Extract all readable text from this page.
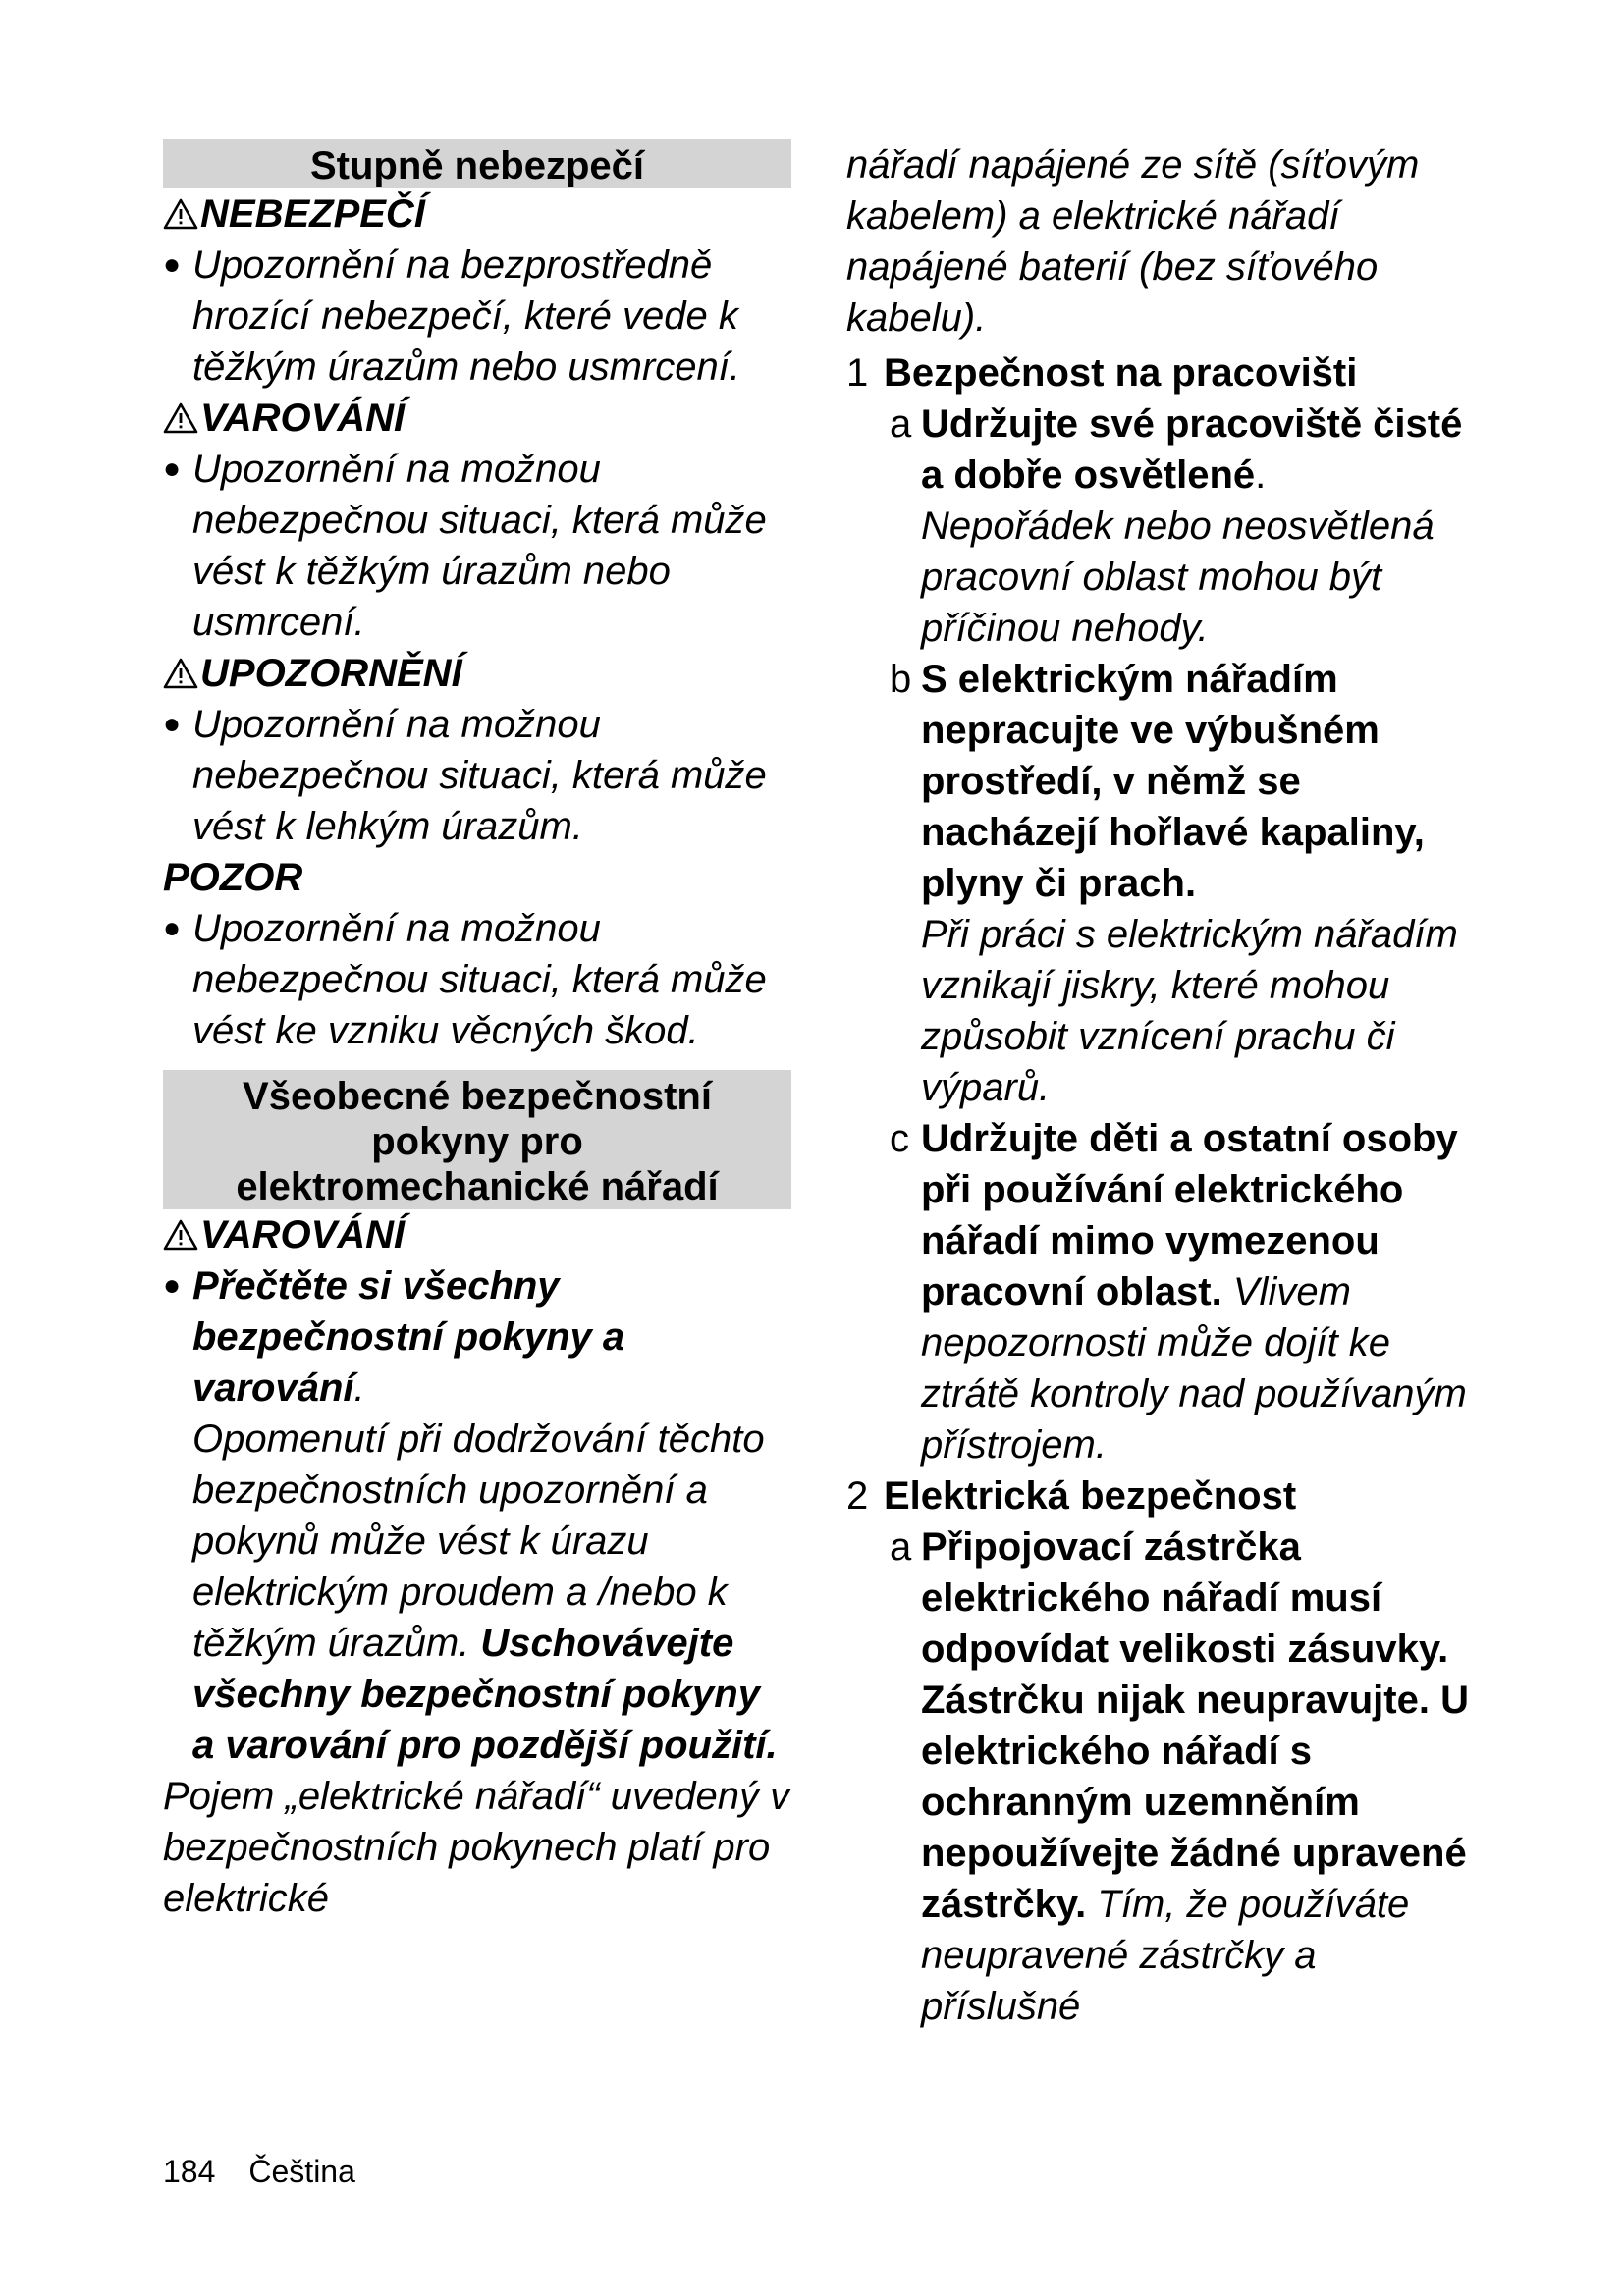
Stupně nebezpečí
NEBEZPEČÍ
● Upozornění na bezprostředně hrozící nebezpečí, které vede k těžkým úrazům nebo usmrcení.
VAROVÁNÍ
● Upozornění na možnou nebezpečnou situaci, která může vést k těžkým úrazům nebo usmrcení.
UPOZORNĚNÍ
● Upozornění na možnou nebezpečnou situaci, která může vést k lehkým úrazům.
POZOR
● Upozornění na možnou nebezpečnou situaci, která může vést ke vzniku věcných škod.
Všeobecné bezpečnostní
pokyny pro
elektromechanické nářadí
VAROVÁNÍ
● Přečtěte si všechny bezpečnostní pokyny a varování.
Opomenutí při dodržování těchto bezpečnostních upozornění a pokynů může vést k úrazu elektrickým proudem a /nebo k těžkým úrazům. Uschovávejte všechny bezpečnostní pokyny a varování pro pozdější použití.
Pojem „elektrické nářadí“ uvedený v bezpečnostních pokynech platí pro elektrické
nářadí napájené ze sítě (síťovým kabelem) a elektrické nářadí napájené baterií (bez síťového kabelu).
1 Bezpečnost na pracovišti
a Udržujte své pracoviště čisté a dobře osvětlené.
Nepořádek nebo neosvětlená pracovní oblast mohou být příčinou nehody.
b S elektrickým nářadím nepracujte ve výbušném prostředí, v němž se nacházejí hořlavé kapaliny, plyny či prach.
Při práci s elektrickým nářadím vznikají jiskry, které mohou způsobit vznícení prachu či výparů.
c Udržujte děti a ostatní osoby při používání elektrického nářadí mimo vymezenou pracovní oblast. Vlivem nepozornosti může dojít ke ztrátě kontroly nad používaným přístrojem.
2 Elektrická bezpečnost
a Připojovací zástrčka elektrického nářadí musí odpovídat velikosti zásuvky. Zástrčku nijak neupravujte. U elektrického nářadí s ochranným uzemněním nepoužívejte žádné upravené zástrčky. Tím, že používáte neupravené zástrčky a příslušné
184 Čeština
